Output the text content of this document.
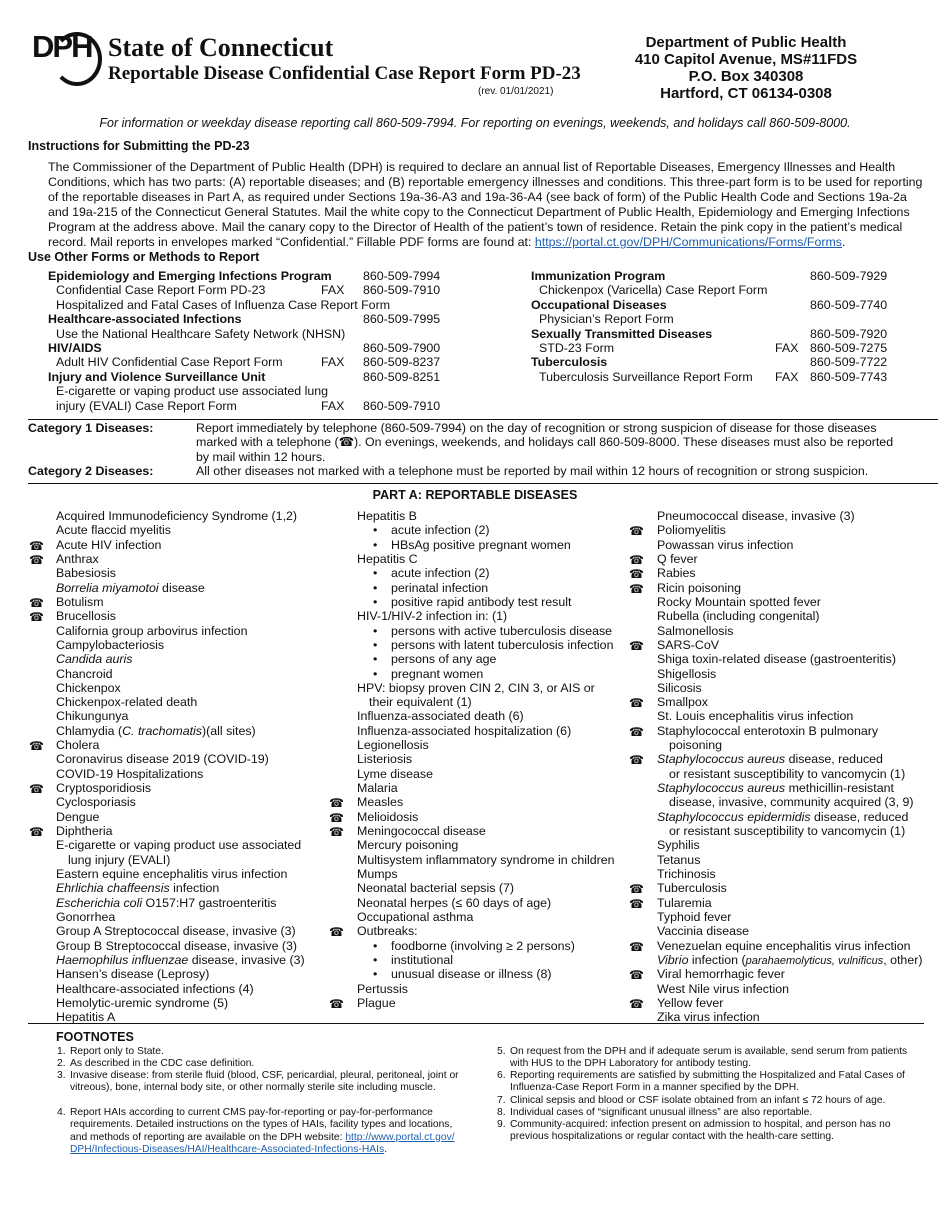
DPH State of Connecticut
Reportable Disease Confidential Case Report Form PD-23
(rev. 01/01/2021)
Department of Public Health
410 Capitol Avenue, MS#11FDS
P.O. Box 340308
Hartford, CT 06134-0308
For information or weekday disease reporting call 860-509-7994. For reporting on evenings, weekends, and holidays call 860-509-8000.
Instructions for Submitting the PD-23
The Commissioner of the Department of Public Health (DPH) is required to declare an annual list of Reportable Diseases, Emergency Illnesses and Health Conditions, which has two parts: (A) reportable diseases; and (B) reportable emergency illnesses and conditions. This three-part form is to be used for reporting of the reportable diseases in Part A, as required under Sections 19a-36-A3 and 19a-36-A4 (see back of form) of the Public Health Code and Sections 19a-2a and 19a-215 of the Connecticut General Statutes. Mail the white copy to the Connecticut Department of Public Health, Epidemiology and Emerging Infections Program at the address above. Mail the canary copy to the Director of Health of the patient’s town of residence. Retain the pink copy in the patient’s medical record. Mail reports in envelopes marked “Confidential.” Fillable PDF forms are found at: https://portal.ct.gov/DPH/Communications/Forms/Forms.
Use Other Forms or Methods to Report
Epidemiology and Emerging Infections Program	860-509-7994
Confidential Case Report Form PD-23	FAX 860-509-7910
Hospitalized and Fatal Cases of Influenza Case Report Form
Healthcare-associated Infections	860-509-7995
Use the National Healthcare Safety Network (NHSN)
HIV/AIDS	860-509-7900
Adult HIV Confidential Case Report Form	FAX 860-509-8237
Injury and Violence Surveillance Unit	860-509-8251
E-cigarette or vaping product use associated lung
injury (EVALI) Case Report Form	FAX 860-509-7910
Immunization Program	860-509-7929
Chickenpox (Varicella) Case Report Form
Occupational Diseases	860-509-7740
Physician’s Report Form
Sexually Transmitted Diseases	860-509-7920
STD-23 Form	FAX 860-509-7275
Tuberculosis	860-509-7722
Tuberculosis Surveillance Report Form FAX 860-509-7743
Category 1 Diseases:	Report immediately by telephone (860-509-7994) on the day of recognition or strong suspicion of disease for those diseases marked with a telephone (☎). On evenings, weekends, and holidays call 860-509-8000. These diseases must also be reported by mail within 12 hours.
Category 2 Diseases:	All other diseases not marked with a telephone must be reported by mail within 12 hours of recognition or strong suspicion.
PART A: REPORTABLE DISEASES
Acquired Immunodeficiency Syndrome (1,2)
Acute flaccid myelitis
☎ Acute HIV infection
☎ Anthrax
Babesiosis
Borrelia miyamotoi disease
☎ Botulism
☎ Brucellosis
California group arbovirus infection
Campylobacteriosis
Candida auris
Chancroid
Chickenpox
Chickenpox-related death
Chikungunya
Chlamydia (C. trachomatis)(all sites)
☎ Cholera
Coronavirus disease 2019 (COVID-19)
COVID-19 Hospitalizations
☎ Cryptosporidiosis
Cyclosporiasis
Dengue
☎ Diphtheria
E-cigarette or vaping product use associated
lung injury (EVALI)
Eastern equine encephalitis virus infection
Ehrlichia chaffeensis infection
Escherichia coli O157:H7 gastroenteritis
Gonorrhea
Group A Streptococcal disease, invasive (3)
Group B Streptococcal disease, invasive (3)
Haemophilus influenzae disease, invasive (3)
Hansen’s disease (Leprosy)
Healthcare-associated infections (4)
Hemolytic-uremic syndrome (5)
Hepatitis A
Hepatitis B
• acute infection (2)
• HBsAg positive pregnant women
Hepatitis C
• acute infection (2)
• perinatal infection
• positive rapid antibody test result
HIV-1/HIV-2 infection in: (1)
• persons with active tuberculosis disease
• persons with latent tuberculosis infection
• persons of any age
• pregnant women
HPV: biopsy proven CIN 2, CIN 3, or AIS or
their equivalent (1)
Influenza-associated death (6)
Influenza-associated hospitalization (6)
Legionellosis
Listeriosis
Lyme disease
Malaria
☎ Measles
☎ Melioidosis
☎ Meningococcal disease
Mercury poisoning
Multisystem inflammatory syndrome in children
Mumps
Neonatal bacterial sepsis (7)
Neonatal herpes (≤ 60 days of age)
Occupational asthma
☎ Outbreaks:
• foodborne (involving ≥ 2 persons)
• institutional
• unusual disease or illness (8)
Pertussis
☎ Plague
Pneumococcal disease, invasive (3)
☎ Poliomyelitis
Powassan virus infection
☎ Q fever
☎ Rabies
☎ Ricin poisoning
Rocky Mountain spotted fever
Rubella (including congenital)
Salmonellosis
☎ SARS-CoV
Shiga toxin-related disease (gastroenteritis)
Shigellosis
Silicosis
☎ Smallpox
St. Louis encephalitis virus infection
☎ Staphylococcal enterotoxin B pulmonary
poisoning
☎ Staphylococcus aureus disease, reduced
or resistant susceptibility to vancomycin (1)
Staphylococcus aureus methicillin-resistant
disease, invasive, community acquired (3, 9)
Staphylococcus epidermidis disease, reduced
or resistant susceptibility to vancomycin (1)
Syphilis
Tetanus
Trichinosis
☎ Tuberculosis
☎ Tularemia
Typhoid fever
Vaccinia disease
☎ Venezuelan equine encephalitis virus infection
Vibrio infection (parahaemolyticus, vulnificus, other)
☎ Viral hemorrhagic fever
West Nile virus infection
☎ Yellow fever
Zika virus infection
FOOTNOTES
1. Report only to State.
2. As described in the CDC case definition.
3. Invasive disease: from sterile fluid (blood, CSF, pericardial, pleural, peritoneal, joint or vitreous), bone, internal body site, or other normally sterile site including muscle.
4. Report HAIs according to current CMS pay-for-reporting or pay-for-performance requirements. Detailed instructions on the types of HAIs, facility types and locations, and methods of reporting are available on the DPH website: http://www.portal.ct.gov/DPH/Infectious-Diseases/HAI/Healthcare-Associated-Infections-HAIs.
5. On request from the DPH and if adequate serum is available, send serum from patients with HUS to the DPH Laboratory for antibody testing.
6. Reporting requirements are satisfied by submitting the Hospitalized and Fatal Cases of Influenza-Case Report Form in a manner specified by the DPH.
7. Clinical sepsis and blood or CSF isolate obtained from an infant ≤ 72 hours of age.
8. Individual cases of “significant unusual illness” are also reportable.
9. Community-acquired: infection present on admission to hospital, and person has no previous hospitalizations or regular contact with the health-care setting.
